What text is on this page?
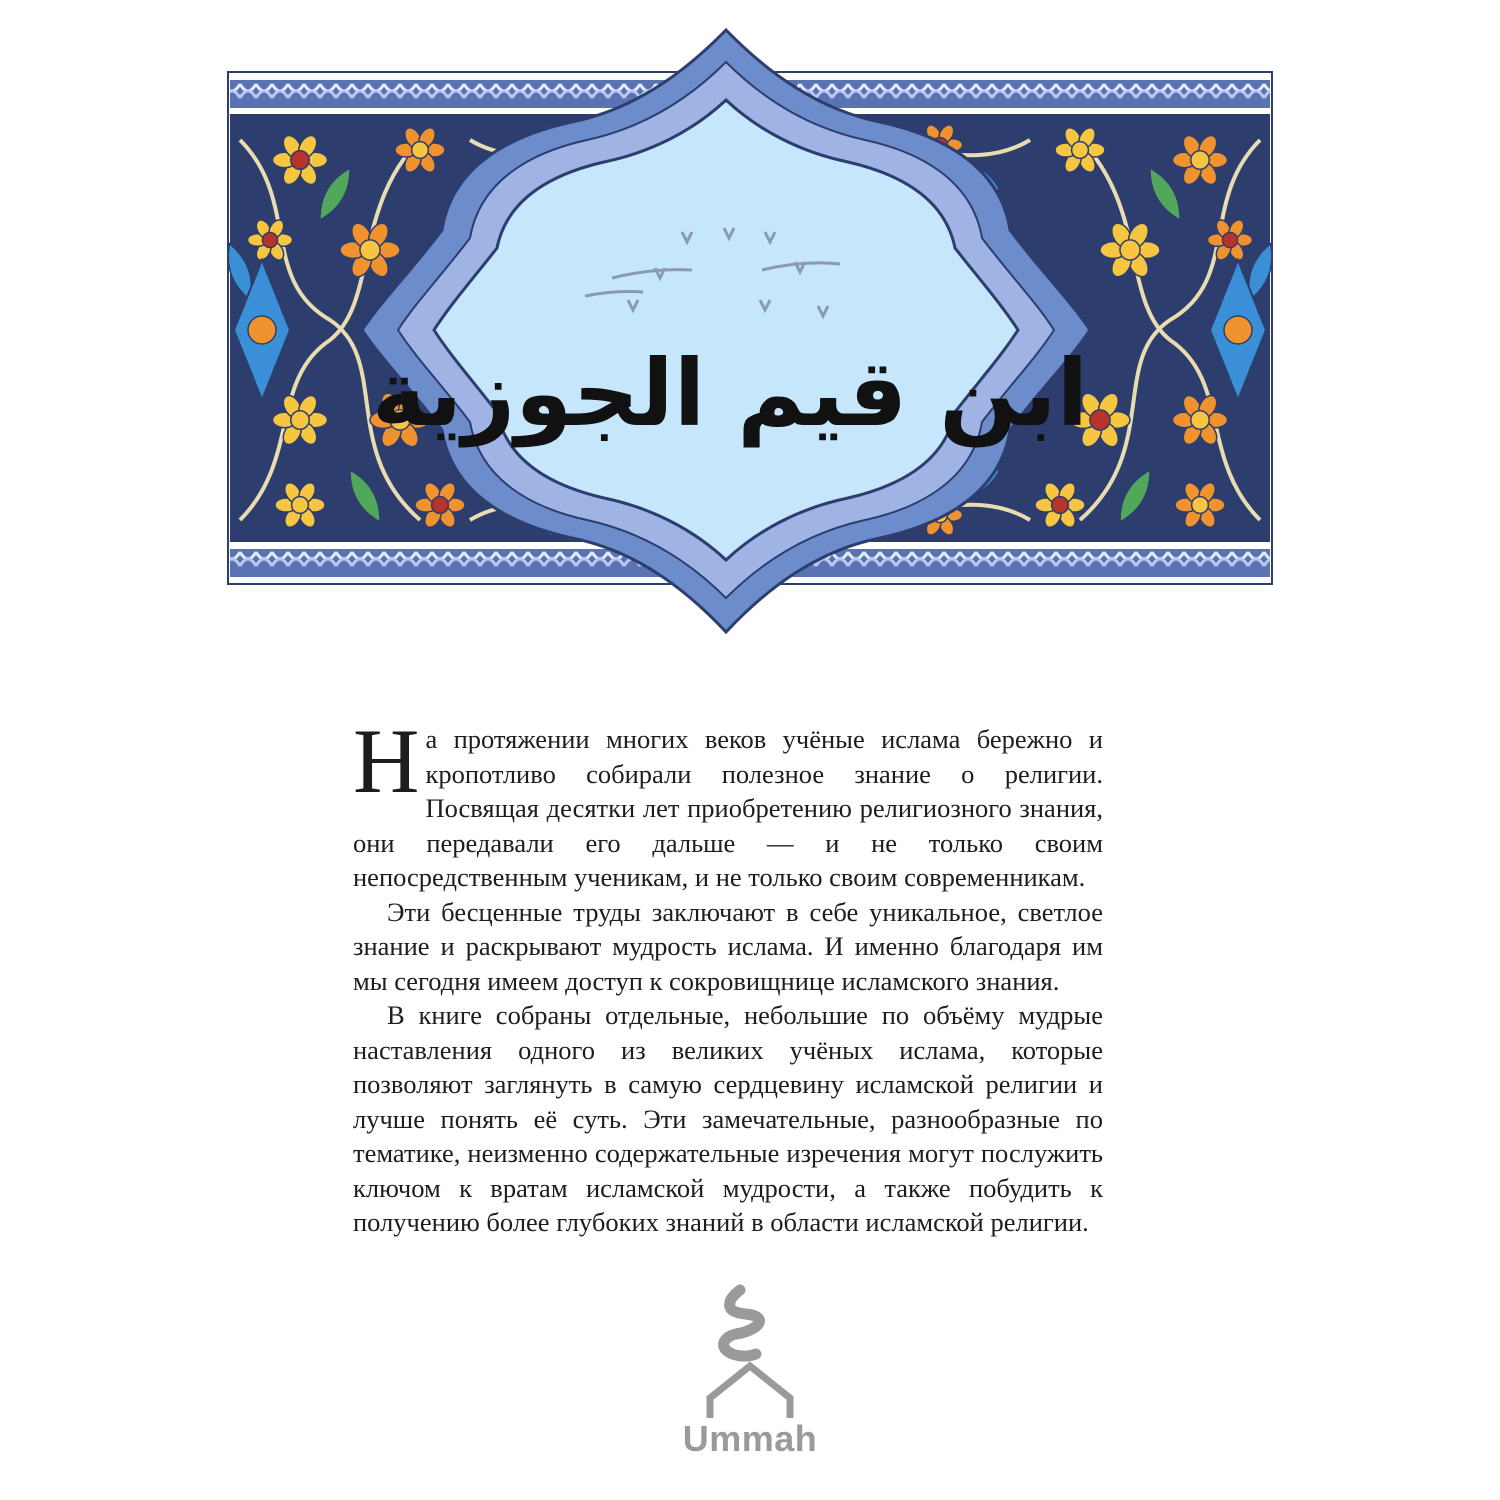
ابن قيم الجوزية

На протяжении многих веков учёные ислама бережно и кропотливо собирали полезное знание о религии. Посвящая десятки лет приобретению религиозного знания, они передавали его дальше — и не только своим непосредственным ученикам, и не только своим современникам.

Эти бесценные труды заключают в себе уникальное, светлое знание и раскрывают мудрость ислама. И именно благодаря им мы сегодня имеем доступ к сокровищнице исламского знания.

В книге собраны отдельные, небольшие по объёму мудрые наставления одного из великих учёных ислама, которые позволяют заглянуть в самую сердцевину исламской религии и лучше понять её суть. Эти замечательные, разнообразные по тематике, неизменно содержательные изречения могут послужить ключом к вратам исламской мудрости, а также побудить к получению более глубоких знаний в области исламской религии.

Ummah
